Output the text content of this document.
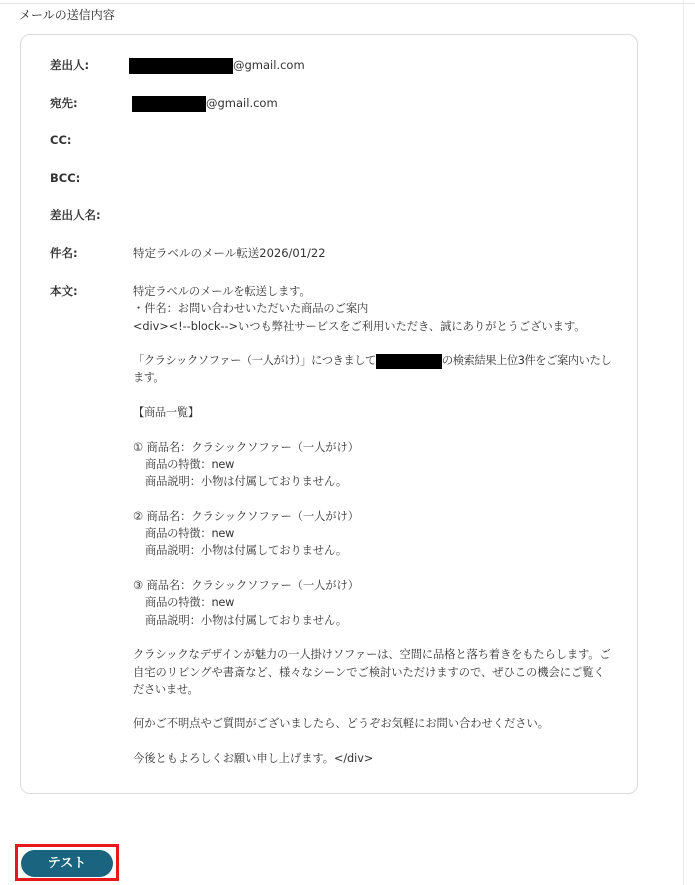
メールの送信内容
差出人:	@gmail.com
宛先:	@gmail.com
CC:
BCC:
差出人名:
件名:	特定ラベルのメール転送2026/01/22
本文:	特定ラベルのメールを転送します。
・件名：お問い合わせいただいた商品のご案内
<div><!--block-->いつも弊社サービスをご利用いただき、誠にありがとうございます。
「クラシックソファー（一人がけ）」につきまして	の検索結果上位3件をご案内いたし
ます。
【商品一覧】
① 商品名：クラシックソファー（一人がけ）
商品の特徴：new
商品説明：小物は付属しておりません。
② 商品名：クラシックソファー（一人がけ）
商品の特徴：new
商品説明：小物は付属しておりません。
③ 商品名：クラシックソファー（一人がけ）
商品の特徴：new
商品説明：小物は付属しておりません。
クラシックなデザインが魅力の一人掛けソファーは、空間に品格と落ち着きをもたらします。ご
自宅のリビングや書斎など、様々なシーンでご検討いただけますので、ぜひこの機会にご覧く
ださいませ。
何かご不明点やご質問がございましたら、どうぞお気軽にお問い合わせください。
今後ともよろしくお願い申し上げます。</div>
テスト
